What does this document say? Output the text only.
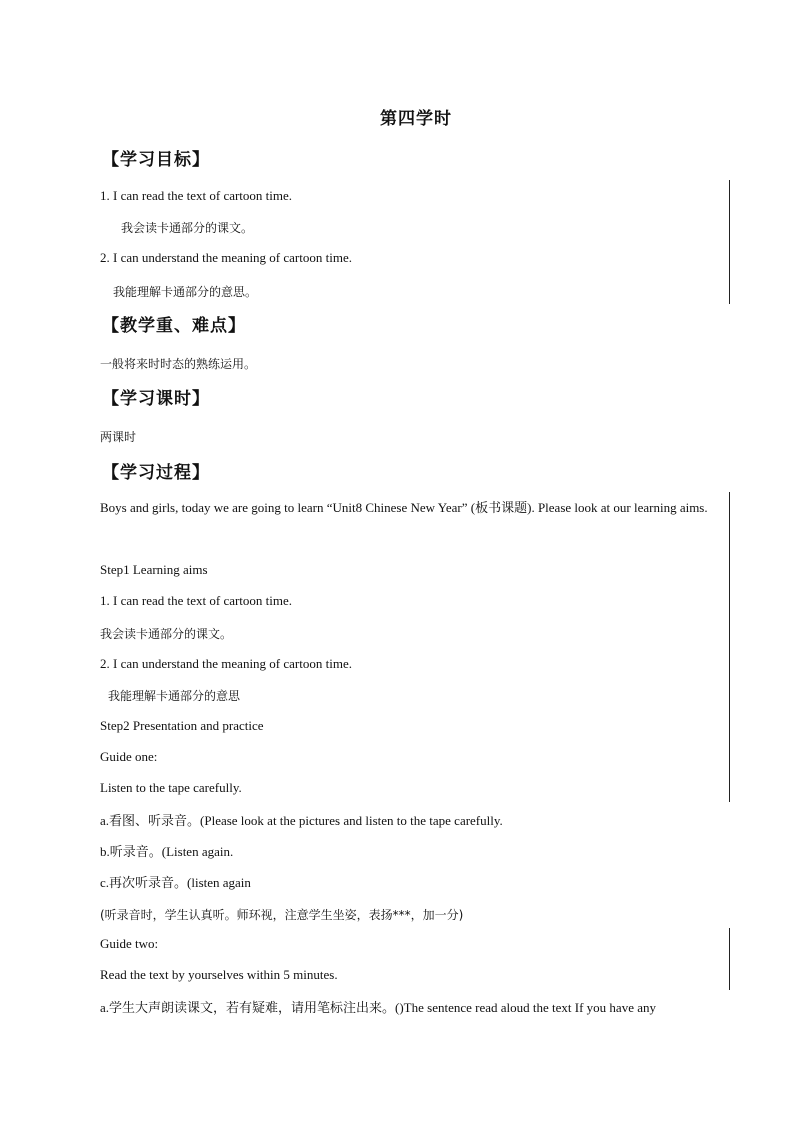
第四学时
【学习目标】
1. I can read the text of cartoon time.
我会读卡通部分的课文。
2. I can understand the meaning of cartoon time.
我能理解卡通部分的意思。
【教学重、难点】
一般将来时时态的熟练运用。
【学习课时】
两课时
【学习过程】
Boys and girls, today we are going to learn “Unit8 Chinese New Year” (板书课题). Please look at our learning aims.
Step1 Learning aims
1. I can read the text of cartoon time.
我会读卡通部分的课文。
2. I can understand the meaning of cartoon time.
我能理解卡通部分的意思
Step2 Presentation and practice
Guide one:
Listen to the tape carefully.
a.看图、听录音。(Please look at the pictures and listen to the tape carefully.
b.听录音。(Listen again.
c.再次听录音。(listen again
(听录音时，学生认真听。师环视，注意学生坐姿，表扬***，加一分)
Guide two:
Read the text by yourselves within 5 minutes.
a.学生大声朗读课文，若有疑难，请用笔标注出来。()The sentence read aloud the text If you have any
